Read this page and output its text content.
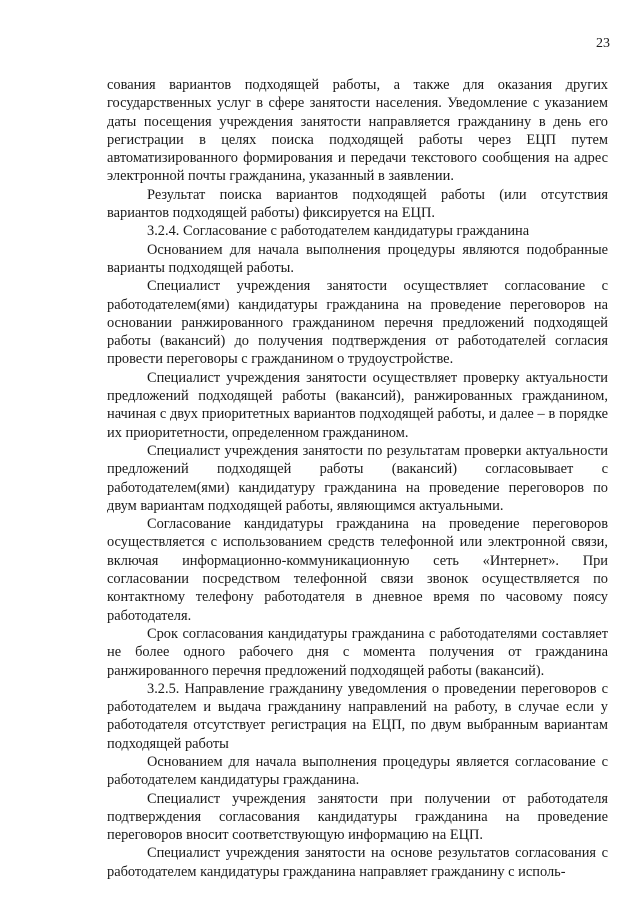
23

сования вариантов подходящей работы, а также для оказания других государственных услуг в сфере занятости населения. Уведомление с указанием даты посещения учреждения занятости направляется гражданину в день его регистрации в целях поиска подходящей работы через ЕЦП путем автоматизированного формирования и передачи текстового сообщения на адрес электронной почты гражданина, указанный в заявлении.

Результат поиска вариантов подходящей работы (или отсутствия вариантов подходящей работы) фиксируется на ЕЦП.

3.2.4. Согласование с работодателем кандидатуры гражданина

Основанием для начала выполнения процедуры являются подобранные варианты подходящей работы.

Специалист учреждения занятости осуществляет согласование с работодателем(ями) кандидатуры гражданина на проведение переговоров на основании ранжированного гражданином перечня предложений подходящей работы (вакансий) до получения подтверждения от работодателей согласия провести переговоры с гражданином о трудоустройстве.

Специалист учреждения занятости осуществляет проверку актуальности предложений подходящей работы (вакансий), ранжированных гражданином, начиная с двух приоритетных вариантов подходящей работы, и далее – в порядке их приоритетности, определенном гражданином.

Специалист учреждения занятости по результатам проверки актуальности предложений подходящей работы (вакансий) согласовывает с работодателем(ями) кандидатуру гражданина на проведение переговоров по двум вариантам подходящей работы, являющимся актуальными.

Согласование кандидатуры гражданина на проведение переговоров осуществляется с использованием средств телефонной или электронной связи, включая информационно-коммуникационную сеть «Интернет». При согласовании посредством телефонной связи звонок осуществляется по контактному телефону работодателя в дневное время по часовому поясу работодателя.

Срок согласования кандидатуры гражданина с работодателями составляет не более одного рабочего дня с момента получения от гражданина ранжированного перечня предложений подходящей работы (вакансий).

3.2.5. Направление гражданину уведомления о проведении переговоров с работодателем и выдача гражданину направлений на работу, в случае если у работодателя отсутствует регистрация на ЕЦП, по двум выбранным вариантам подходящей работы

Основанием для начала выполнения процедуры является согласование с работодателем кандидатуры гражданина.

Специалист учреждения занятости при получении от работодателя подтверждения согласования кандидатуры гражданина на проведение переговоров вносит соответствующую информацию на ЕЦП.

Специалист учреждения занятости на основе результатов согласования с работодателем кандидатуры гражданина направляет гражданину с исполь-
